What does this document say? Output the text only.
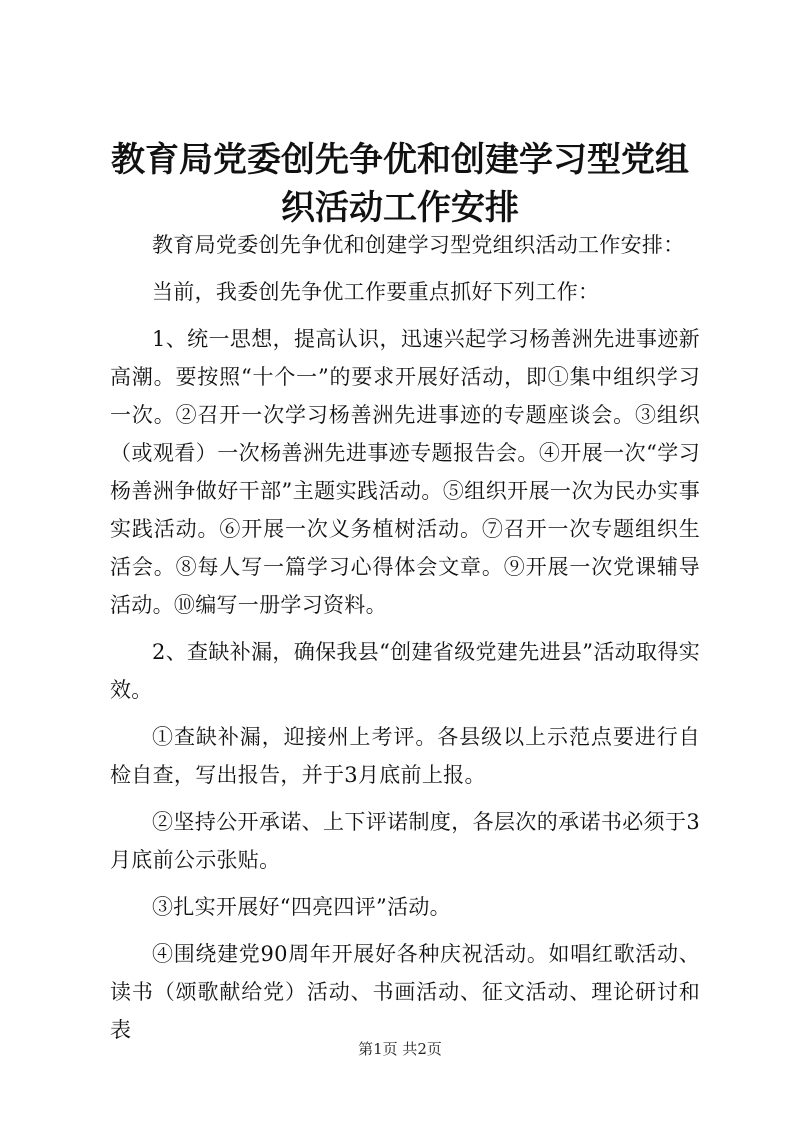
教育局党委创先争优和创建学习型党组织活动工作安排

教育局党委创先争优和创建学习型党组织活动工作安排：

当前，我委创先争优工作要重点抓好下列工作：

1、统一思想，提高认识，迅速兴起学习杨善洲先进事迹新高潮。要按照“十个一”的要求开展好活动，即①集中组织学习一次。②召开一次学习杨善洲先进事迹的专题座谈会。③组织（或观看）一次杨善洲先进事迹专题报告会。④开展一次“学习杨善洲争做好干部”主题实践活动。⑤组织开展一次为民办实事实践活动。⑥开展一次义务植树活动。⑦召开一次专题组织生活会。⑧每人写一篇学习心得体会文章。⑨开展一次党课辅导活动。⑩编写一册学习资料。

2、查缺补漏，确保我县“创建省级党建先进县”活动取得实效。

①查缺补漏，迎接州上考评。各县级以上示范点要进行自检自查，写出报告，并于3月底前上报。

②坚持公开承诺、上下评诺制度，各层次的承诺书必须于3月底前公示张贴。

③扎实开展好“四亮四评”活动。

④围绕建党90周年开展好各种庆祝活动。如唱红歌活动、读书（颂歌献给党）活动、书画活动、征文活动、理论研讨和表

第1页 共2页
